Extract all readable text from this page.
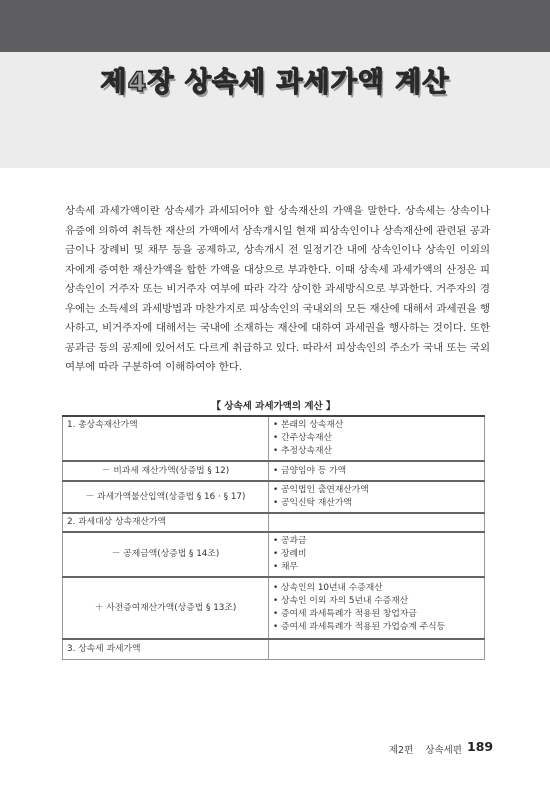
제4장 상속세 과세가액 계산

상속세 과세가액이란 상속세가 과세되어야 할 상속재산의 가액을 말한다. 상속세는 상속이나 유증에 의하여 취득한 재산의 가액에서 상속개시일 현재 피상속인이나 상속재산에 관련된 공과금이나 장례비 및 채무 등을 공제하고, 상속개시 전 일정기간 내에 상속인이나 상속인 이외의 자에게 증여한 재산가액을 합한 가액을 대상으로 부과한다. 이때 상속세 과세가액의 산정은 피상속인이 거주자 또는 비거주자 여부에 따라 각각 상이한 과세방식으로 부과한다. 거주자의 경우에는 소득세의 과세방법과 마찬가지로 피상속인의 국내외의 모든 재산에 대해서 과세권을 행사하고, 비거주자에 대해서는 국내에 소재하는 재산에 대하여 과세권을 행사하는 것이다. 또한 공과금 등의 공제에 있어서도 다르게 취급하고 있다. 따라서 피상속인의 주소가 국내 또는 국외 여부에 따라 구분하여 이해하여야 한다.

【 상속세 과세가액의 계산 】
1. 총상속재산가액	• 본래의 상속재산
• 간주상속재산
• 추정상속재산

－ 비과세 재산가액(상증법 § 12)	• 금양임야 등 가액

－ 과세가액불산입액(상증법 § 16 · § 17)	• 공익법인 출연재산가액
• 공익신탁 재산가액

2. 과세대상 상속재산가액	
－ 공제금액(상증법 § 14조)	• 공과금
• 장례비
• 채무

＋ 사전증여재산가액(상증법 § 13조)	• 상속인의 10년내 수증재산
• 상속인 이외 자의 5년내 수증재산
• 증여세 과세특례가 적용된 창업자금
• 증여세 과세특례가 적용된 가업승계 주식등

3. 상속세 과세가액	
제2편 상속세편 189
